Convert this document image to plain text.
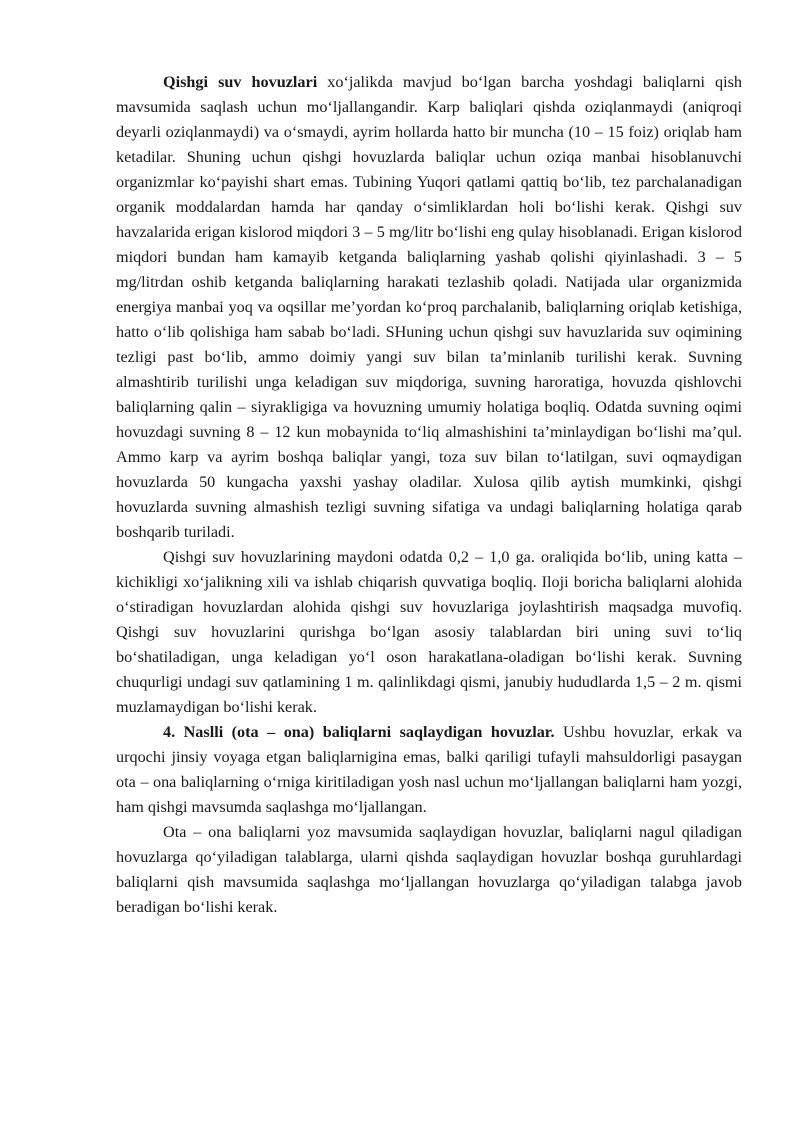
Qishgi suv hovuzlari xo‘jalikda mavjud bo‘lgan barcha yoshdagi baliqlarni qish mavsumida saqlash uchun mo‘ljallangandir. Karp baliqlari qishda oziqlanmaydi (aniqroqi deyarli oziqlanmaydi) va o‘smaydi, ayrim hollarda hatto bir muncha (10 – 15 foiz) oriqlab ham ketadilar. Shuning uchun qishgi hovuzlarda baliqlar uchun oziqa manbai hisoblanuvchi organizmlar ko‘payishi shart emas. Tubining Yuqori qatlami qattiq bo‘lib, tez parchalanadigan organik moddalardan hamda har qanday o‘simliklardan holi bo‘lishi kerak. Qishgi suv havzalarida erigan kislorod miqdori 3 – 5 mg/litr bo‘lishi eng qulay hisoblanadi. Erigan kislorod miqdori bundan ham kamayib ketganda baliqlarning yashab qolishi qiyinlashadi. 3 – 5 mg/litrdan oshib ketganda baliqlarning harakati tezlashib qoladi. Natijada ular organizmida energiya manbai yoq va oqsillar me’yordan ko‘proq parchalanib, baliqlarning oriqlab ketishiga, hatto o‘lib qolishiga ham sabab bo‘ladi. SHuning uchun qishgi suv havuzlarida suv oqimining tezligi past bo‘lib, ammo doimiy yangi suv bilan ta’minlanib turilishi kerak. Suvning almashtirib turilishi unga keladigan suv miqdoriga, suvning haroratiga, hovuzda qishlovchi baliqlarning qalin – siyrakligiga va hovuzning umumiy holatiga boqliq. Odatda suvning oqimi hovuzdagi suvning 8 – 12 kun mobaynida to‘liq almashishini ta’minlaydigan bo‘lishi ma’qul. Ammo karp va ayrim boshqa baliqlar yangi, toza suv bilan to‘latilgan, suvi oqmaydigan hovuzlarda 50 kungacha yaxshi yashay oladilar. Xulosa qilib aytish mumkinki, qishgi hovuzlarda suvning almashish tezligi suvning sifatiga va undagi baliqlarning holatiga qarab boshqarib turiladi.

Qishgi suv hovuzlarining maydoni odatda 0,2 – 1,0 ga. oraliqida bo‘lib, uning katta – kichikligi xo‘jalikning xili va ishlab chiqarish quvvatiga boqliq. Iloji boricha baliqlarni alohida o‘stiradigan hovuzlardan alohida qishgi suv hovuzlariga joylashtirish maqsadga muvofiq. Qishgi suv hovuzlarini qurishga bo‘lgan asosiy talablardan biri uning suvi to‘liq bo‘shatiladigan, unga keladigan yo‘l oson harakatlana-oladigan bo‘lishi kerak. Suvning chuqurligi undagi suv qatlamining 1 m. qalinlikdagi qismi, janubiy hududlarda 1,5 – 2 m. qismi muzlamaydigan bo‘lishi kerak.

4. Naslli (ota – ona) baliqlarni saqlaydigan hovuzlar. Ushbu hovuzlar, erkak va urqochi jinsiy voyaga etgan baliqlarnigina emas, balki qariligi tufayli mahsuldorligi pasaygan ota – ona baliqlarning o‘rniga kiritiladigan yosh nasl uchun mo‘ljallangan baliqlarni ham yozgi, ham qishgi mavsumda saqlashga mo‘ljallangan.

Ota – ona baliqlarni yoz mavsumida saqlaydigan hovuzlar, baliqlarni nagul qiladigan hovuzlarga qo‘yiladigan talablarga, ularni qishda saqlaydigan hovuzlar boshqa guruhlardagi baliqlarni qish mavsumida saqlashga mo‘ljallangan hovuzlarga qo‘yiladigan talabga javob beradigan bo‘lishi kerak.
